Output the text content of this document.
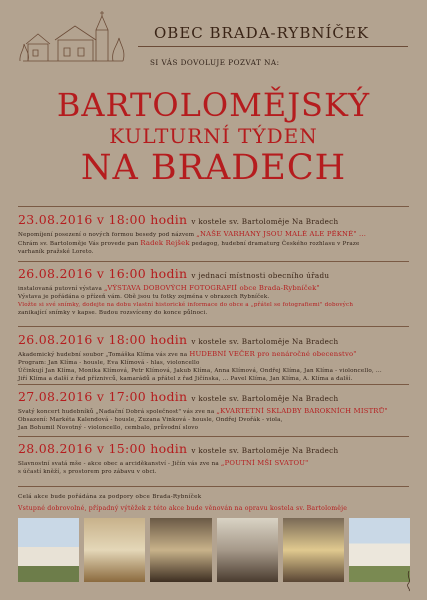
OBEC BRADA-RYBNÍČEK
SI VÁS DOVOLUJE POZVAT NA:
BARTOLOMĚJSKÝ
KULTURNÍ TÝDEN
NA BRADECH
23.08.2016 v 18:00 hodin v kostele sv. Bartoloměje Na Bradech
Nepomíjení posezení o nových formou besedy pod názvem „NAŠE VARHANY JSOU MALÉ ALE PĚKNÉ" ...
Chrám sv. Bartoloměje Vás provede pan Radek Rejšek pedagog, hudební dramaturg Českého rozhlasu v Praze
varhaník pražské Loreto.
26.08.2016 v 16:00 hodin v jednací místnosti obecního úřadu
instalovaná putovní výstava „VÝSTAVA DOBOVÝCH FOTOGRAFIÍ obce Brada-Rybníček"
Výstava je pořádána o přízeň vám. Obě jsou tu fotky zejména v obrazech Rybníček.
Vložte si své snímky, dodejte na dobu vlastní historické informace do obce a „přátel se fotografiemi" dobových
zanikající snímky v kapse. Budou rozsvíceny do konce půlnoci.
26.08.2016 v 18:00 hodin v kostele sv. Bartoloměje Na Bradech
Akademický hudební soubor „Tomáška Klíma vás zve na HUDEBNÍ VEČER pro nenáročné obecenstvo"
Program: Jan Klíma - housle, Eva Klímová - hlas, violoncello
Účinkují Jan Klíma, Monika Klímová, Petr Klímová, Jakub Klíma, Anna Klímová, Ondřej Klíma, Jan Klíma - violoncello, ...
Jiří Klíma a další z řad příznivců, kamarádů a přátel z řad Jičínska, ... Pavel Klíma, Jan Klíma, A. Klíma a další.
27.08.2016 v 17:00 hodin v kostele sv. Bartoloměje Na Bradech
Svatý koncert hudebníků „Nadační Dobrá společnost" vás zve na „KVARTETNÍ SKLADBY BAROKNÍCH MISTRŮ"
Obsazení: Markéta Kalendová - housle, Zuzana Vinková - housle, Ondřej Dvořák - viola,
Jan Bohumil Novotný - violoncello, cembalo, průvodní slovo
28.08.2016 v 15:00 hodin v kostele sv. Bartoloměje Na Bradech
Slavnostní svatá mše - akce obec a arciděkanství - Jičín vás zve na „POUTNÍ MŠI SVATOU"
s účastí kněží, s prostorem pro zábavu v obci.
Celá akce bude pořádána za podpory obce Brada-Rybníček
Vstupné dobrovolné, případný výtěžek z této akce bude věnován na opravu kostela sv. Bartoloměje
